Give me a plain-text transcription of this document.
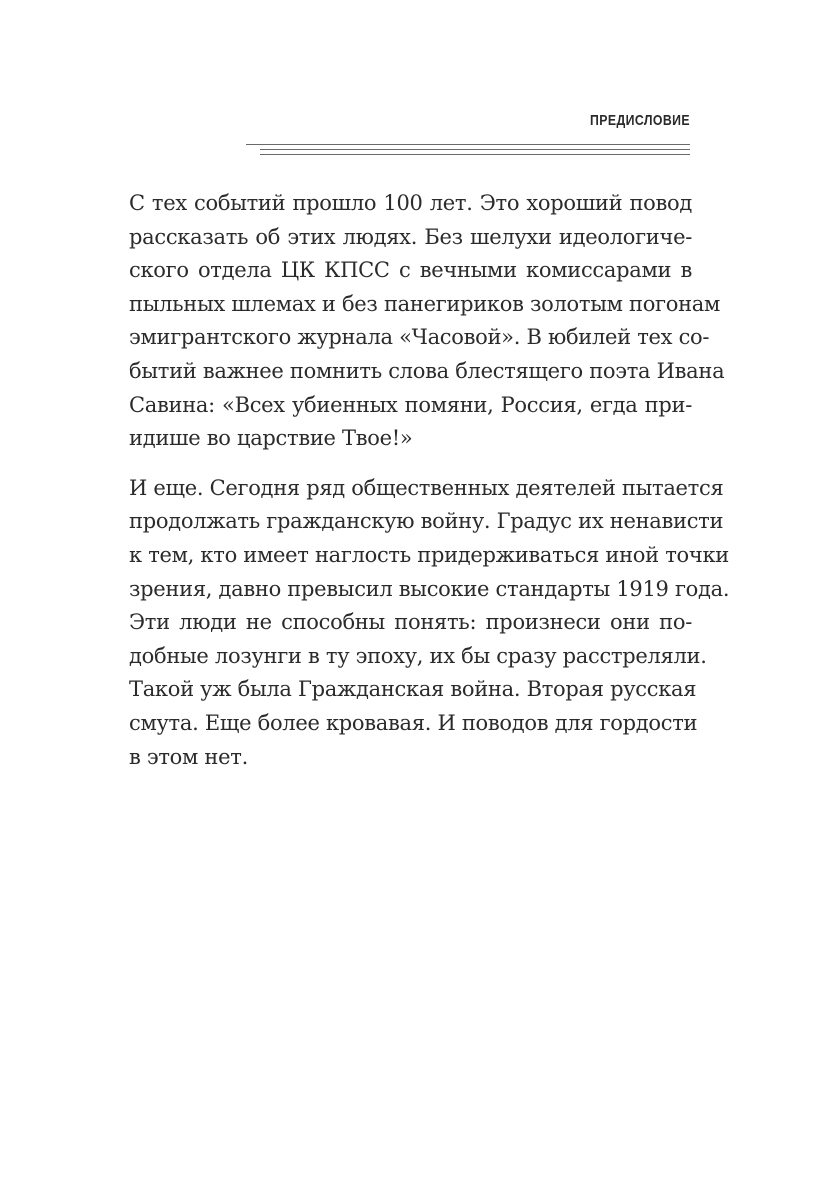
ПРЕДИСЛОВИЕ

С тех событий прошло 100 лет. Это хороший повод
рассказать об этих людях. Без шелухи идеологиче-
ского отдела ЦК КПСС с вечными комиссарами в
пыльных шлемах и без панегириков золотым погонам
эмигрантского журнала «Часовой». В юбилей тех со-
бытий важнее помнить слова блестящего поэта Ивана
Савина: «Всех убиенных помяни, Россия, егда при-
идише во царствие Твое!»

И еще. Сегодня ряд общественных деятелей пытается
продолжать гражданскую войну. Градус их ненависти
к тем, кто имеет наглость придерживаться иной точки
зрения, давно превысил высокие стандарты 1919 года.
Эти люди не способны понять: произнеси они по-
добные лозунги в ту эпоху, их бы сразу расстреляли.
Такой уж была Гражданская война. Вторая русская
смута. Еще более кровавая. И поводов для гордости
в этом нет.
